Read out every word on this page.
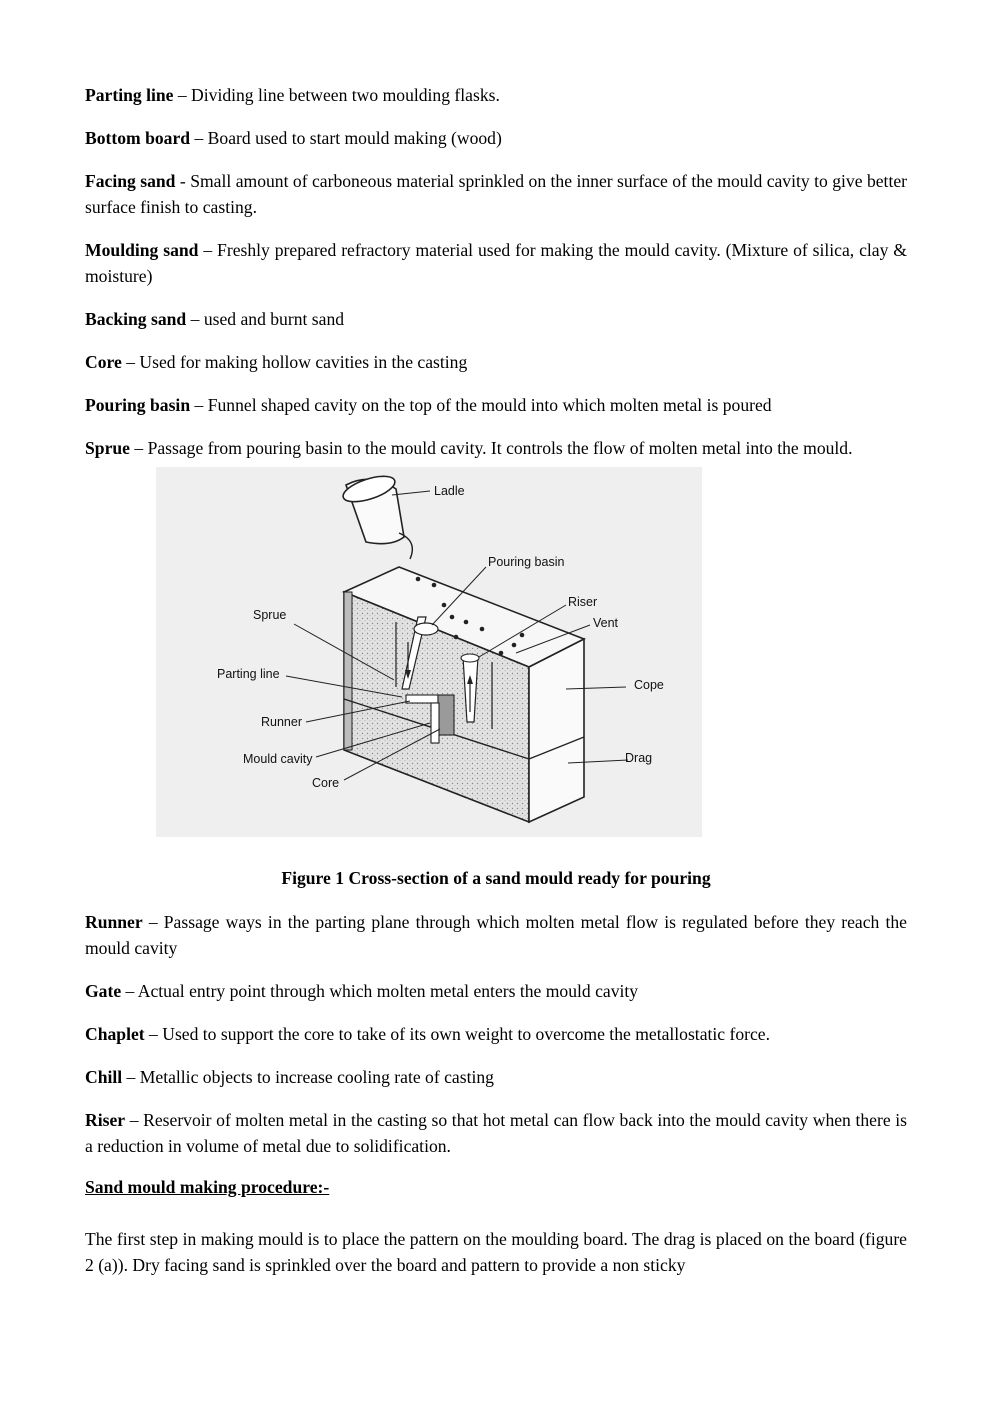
Parting line – Dividing line between two moulding flasks.

Bottom board – Board used to start mould making (wood)

Facing sand - Small amount of carboneous material sprinkled on the inner surface of the mould cavity to give better surface finish to casting.

Moulding sand – Freshly prepared refractory material used for making the mould cavity. (Mixture of silica, clay & moisture)

Backing sand – used and burnt sand

Core – Used for making hollow cavities in the casting

Pouring basin – Funnel shaped cavity on the top of the mould into which molten metal is poured

Sprue – Passage from pouring basin to the mould cavity. It controls the flow of molten metal into the mould.

Ladle
Pouring basin
Riser
Sprue
Vent
Parting line
Cope
Runner
Mould cavity	Drag
Core

Figure 1 Cross-section of a sand mould ready for pouring

Runner – Passage ways in the parting plane through which molten metal flow is regulated before they reach the mould cavity

Gate – Actual entry point through which molten metal enters the mould cavity

Chaplet – Used to support the core to take of its own weight to overcome the metallostatic force.

Chill – Metallic objects to increase cooling rate of casting

Riser – Reservoir of molten metal in the casting so that hot metal can flow back into the mould cavity when there is a reduction in volume of metal due to solidification.

Sand mould making procedure:-

The first step in making mould is to place the pattern on the moulding board. The drag is placed on the board (figure 2 (a)). Dry facing sand is sprinkled over the board and pattern to provide a non sticky
